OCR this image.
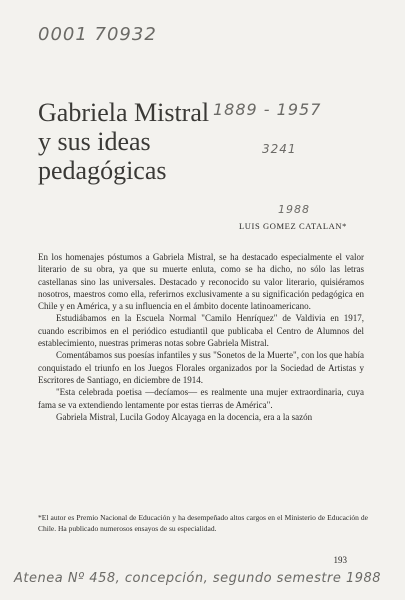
0001 70932
1889 - 1957
3241
1988
Gabriela Mistral
y sus ideas
pedagógicas
LUIS GOMEZ CATALAN*

En los homenajes póstumos a Gabriela Mistral, se ha destacado especialmente el valor literario de su obra, ya que su muerte enluta, como se ha dicho, no sólo las letras castellanas sino las universales. Destacado y reconocido su valor literario, quisiéramos nosotros, maestros como ella, referirnos exclusivamente a su significación pedagógica en Chile y en América, y a su influencia en el ámbito docente latinoamericano.

Estudiábamos en la Escuela Normal "Camilo Henríquez" de Valdivia en 1917, cuando escribimos en el periódico estudiantil que publicaba el Centro de Alumnos del establecimiento, nuestras primeras notas sobre Gabriela Mistral.

Comentábamos sus poesías infantiles y sus "Sonetos de la Muerte", con los que había conquistado el triunfo en los Juegos Florales organizados por la Sociedad de Artistas y Escritores de Santiago, en diciembre de 1914.

"Esta celebrada poetisa —decíamos— es realmente una mujer extraordinaria, cuya fama se va extendiendo lentamente por estas tierras de América".

Gabriela Mistral, Lucila Godoy Alcayaga en la docencia, era a la sazón

*El autor es Premio Nacional de Educación y ha desempeñado altos cargos en el Ministerio de Educación de Chile. Ha publicado numerosos ensayos de su especialidad.
193
Atenea Nº 458, concepción, segundo semestre 1988
